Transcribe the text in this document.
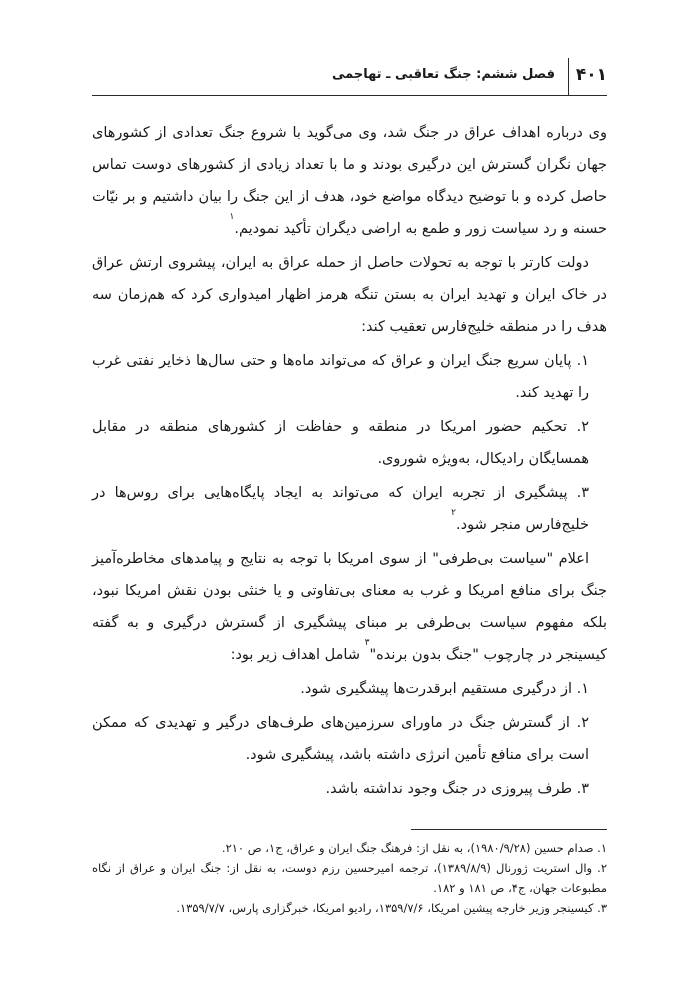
۴۰۱
فصل ششم: جنگ تعاقبی ـ تهاجمی

وی درباره اهداف عراق در جنگ شد، وی می‌گوید با شروع جنگ تعدادی از کشورهای جهان نگران گسترش این درگیری بودند و ما با تعداد زیادی از کشورهای دوست تماس حاصل کرده و با توضیح دیدگاه مواضع خود، هدف از این جنگ را بیان داشتیم و بر نیّات حسنه و رد سیاست زور و طمع به اراضی دیگران تأکید نمودیم.$^۱$

دولت کارتر با توجه به تحولات حاصل از حمله عراق به ایران، پیشروی ارتش عراق در خاک ایران و تهدید ایران به بستن تنگه هرمز اظهار امیدواری کرد که هم‌زمان سه هدف را در منطقه خلیج‌فارس تعقیب کند:

۱. پایان سریع جنگ ایران و عراق که می‌تواند ماه‌ها و حتی سال‌ها ذخایر نفتی غرب را تهدید کند.

۲. تحکیم حضور امریکا در منطقه و حفاظت از کشورهای منطقه در مقابل همسایگان رادیکال، به‌ویژه شوروی.

۳. پیشگیری از تجربه ایران که می‌تواند به ایجاد پایگاه‌هایی برای روس‌ها در خلیج‌فارس منجر شود.$^۲$

اعلام "سیاست بی‌طرفی" از سوی امریکا با توجه به نتایج و پیامدهای مخاطره‌آمیز جنگ برای منافع امریکا و غرب به معنای بی‌تفاوتی و یا خنثی بودن نقش امریکا نبود، بلکه مفهوم سیاست بی‌طرفی بر مبنای پیشگیری از گسترش درگیری و به گفته کیسینجر در چارچوب "جنگ بدون برنده"$^۳$ شامل اهداف زیر بود:

۱. از درگیری مستقیم ابرقدرت‌ها پیشگیری شود.

۲. از گسترش جنگ در ماورای سرزمین‌های طرف‌های درگیر و تهدیدی که ممکن است برای منافع تأمین انرژی داشته باشد، پیشگیری شود.

۳. طرف پیروزی در جنگ وجود نداشته باشد.

۱. صدام حسین (۱۹۸۰/۹/۲۸)، به نقل از: فرهنگ جنگ ایران و عراق، ج۱، ص ۲۱۰.

۲. وال استریت ژورنال (۱۳۸۹/۸/۹)، ترجمه امیرحسین رزم دوست، به نقل از: جنگ ایران و عراق از نگاه مطبوعات جهان، ج۴، ص ۱۸۱ و ۱۸۲.

۳. کیسینجر وزیر خارجه پیشین امریکا، ۱۳۵۹/۷/۶، رادیو امریکا، خبرگزاری پارس، ۱۳۵۹/۷/۷.
